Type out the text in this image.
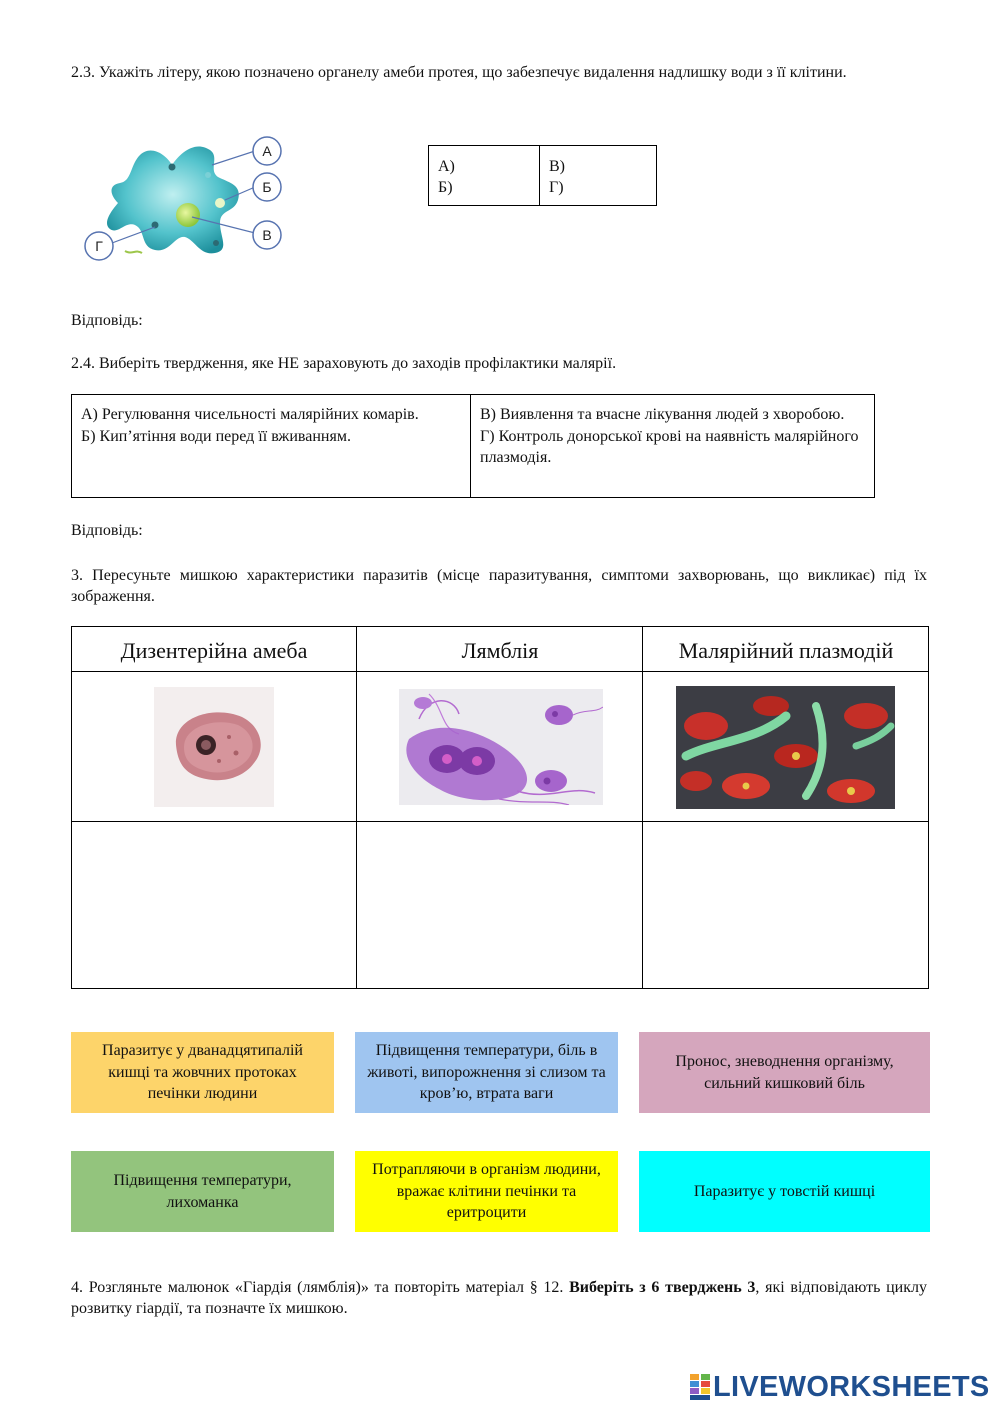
2.3. Укажіть літеру, якою позначено органелу амеби протея, що забезпечує видалення надлишку води з її клітини.
А
Б
В
Г
А)
Б)
В)
Г)
Відповідь:
2.4. Виберіть твердження, яке НЕ зараховують до заходів профілактики малярії.
А) Регулювання чисельності малярійних комарів.
Б) Кип’ятіння води перед її вживанням.
В) Виявлення та вчасне лікування людей з хворобою.
Г) Контроль донорської крові на наявність малярійного плазмодія.
Відповідь:
3. Пересуньте мишкою характеристики паразитів (місце паразитування, симптоми захворювань, що викликає) під їх зображення.
Дизентерійна амеба	Лямблія	Малярійний плазмодій
Паразитує у дванадцятипалій кишці та жовчних протоках печінки людини
Підвищення температури, біль в животі, випорожнення зі слизом та кров’ю, втрата ваги
Пронос, зневоднення організму, сильний кишковий біль
Підвищення температури, лихоманка
Потрапляючи в організм людини, вражає клітини печінки та еритроцити
Паразитує у товстій кишці
4. Розгляньте малюнок «Гіардія (лямблія)» та повторіть матеріал § 12. Виберіть з 6 тверджень 3, які відповідають циклу розвитку гіардії, та позначте їх мишкою.
LIVEWORKSHEETS
